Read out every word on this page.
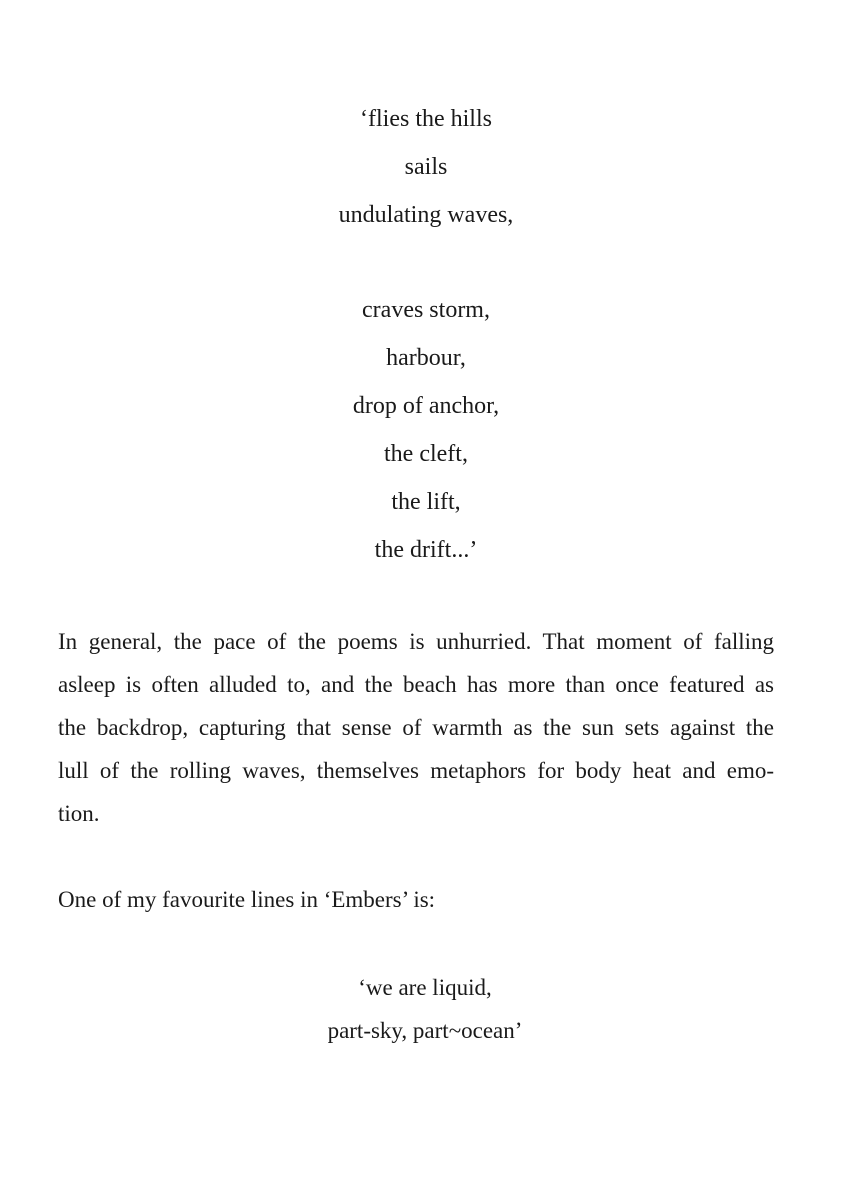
‘flies the hills
sails
undulating waves,
craves storm,
harbour,
drop of anchor,
the cleft,
the lift,
the drift...’
In general, the pace of the poems is unhurried. That moment of falling
asleep is often alluded to, and the beach has more than once featured as
the backdrop, capturing that sense of warmth as the sun sets against the
lull of the rolling waves, themselves metaphors for body heat and emo-
tion.
One of my favourite lines in ‘Embers’ is:
‘we are liquid,
part-sky, part~ocean’
